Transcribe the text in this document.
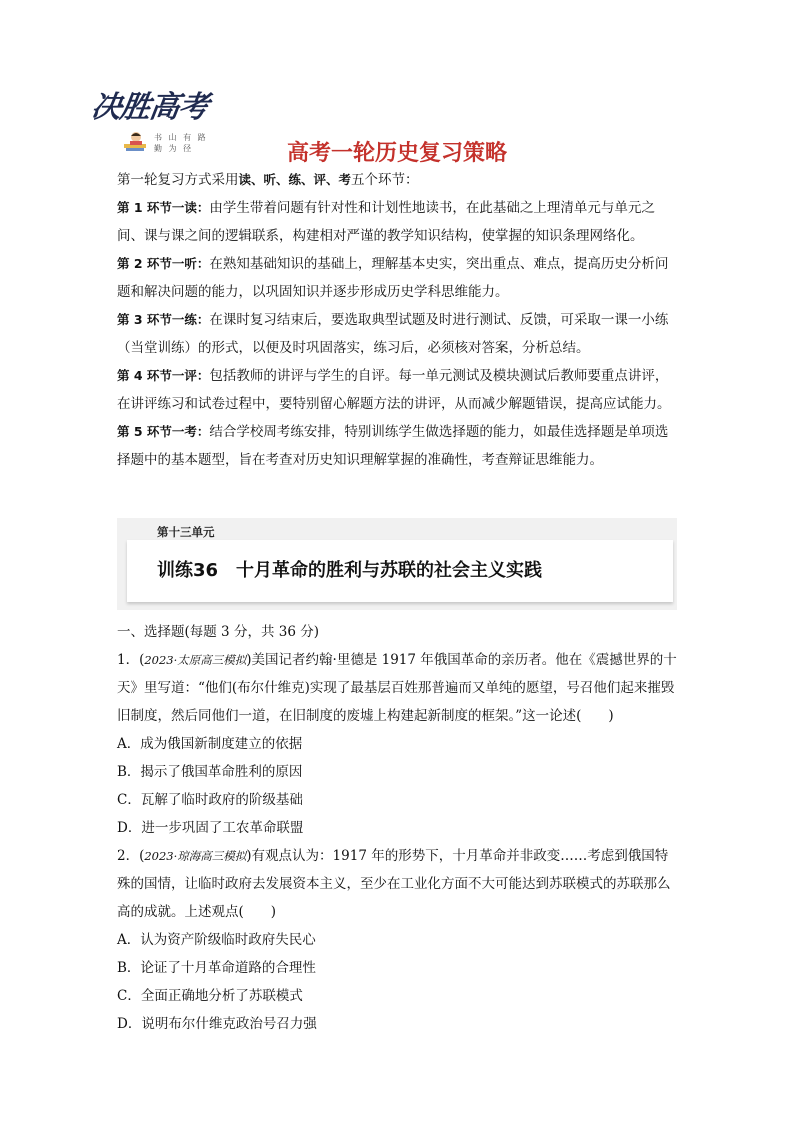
决胜高考
书 山 有 路 勤 为 径	高考一轮历史复习策略

第一轮复习方式采用读、听、练、评、考五个环节：

第 1 环节一读：由学生带着问题有针对性和计划性地读书，在此基础之上理清单元与单元之间、课与课之间的逻辑联系，构建相对严谨的教学知识结构，使掌握的知识条理网络化。

第 2 环节一听：在熟知基础知识的基础上，理解基本史实，突出重点、难点，提高历史分析问题和解决问题的能力，以巩固知识并逐步形成历史学科思维能力。

第 3 环节一练：在课时复习结束后，要选取典型试题及时进行测试、反馈，可采取一课一小练（当堂训练）的形式，以便及时巩固落实，练习后，必须核对答案，分析总结。

第 4 环节一评：包括教师的讲评与学生的自评。每一单元测试及模块测试后教师要重点讲评，在讲评练习和试卷过程中，要特别留心解题方法的讲评，从而减少解题错误，提高应试能力。

第 5 环节一考：结合学校周考练安排，特别训练学生做选择题的能力，如最佳选择题是单项选择题中的基本题型，旨在考查对历史知识理解掌握的准确性，考查辩证思维能力。

第十三单元
训练36　十月革命的胜利与苏联的社会主义实践

一、选择题(每题 3 分，共 36 分)

1．(2023·太原高三模拟)美国记者约翰·里德是 1917 年俄国革命的亲历者。他在《震撼世界的十天》里写道：“他们(布尔什维克)实现了最基层百姓那普遍而又单纯的愿望，号召他们起来摧毁旧制度，然后同他们一道，在旧制度的废墟上构建起新制度的框架。”这一论述(　　)

A．成为俄国新制度建立的依据

B．揭示了俄国革命胜利的原因

C．瓦解了临时政府的阶级基础

D．进一步巩固了工农革命联盟

2．(2023·琼海高三模拟)有观点认为：1917 年的形势下，十月革命并非政变……考虑到俄国特殊的国情，让临时政府去发展资本主义，至少在工业化方面不大可能达到苏联模式的苏联那么高的成就。上述观点(　　)

A．认为资产阶级临时政府失民心

B．论证了十月革命道路的合理性

C．全面正确地分析了苏联模式

D．说明布尔什维克政治号召力强
